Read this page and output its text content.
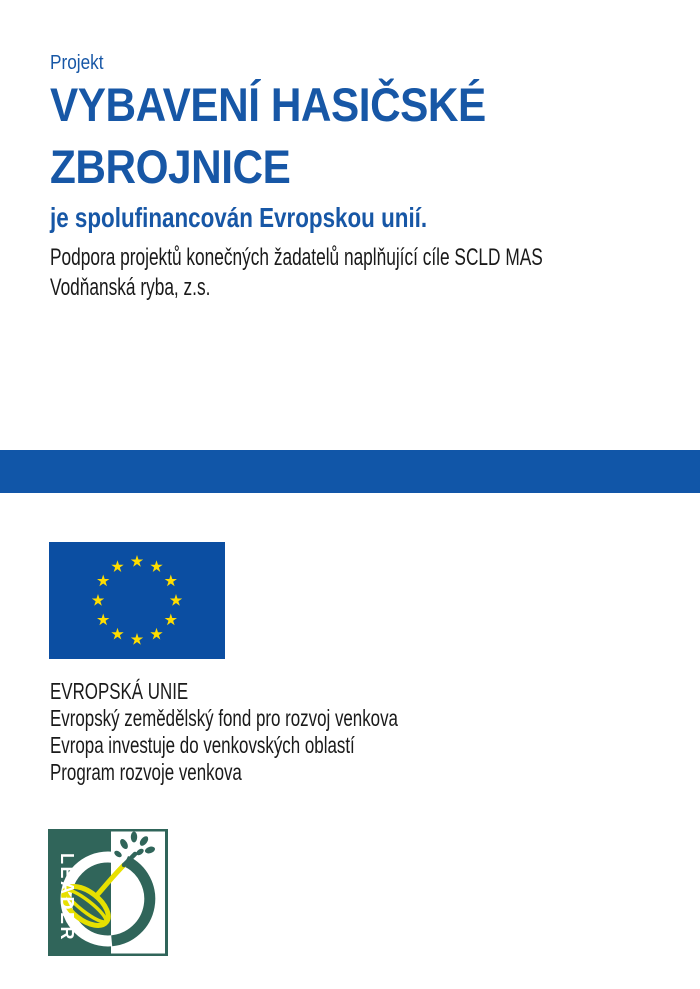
Projekt
VYBAVENÍ HASIČSKÉ
ZBROJNICE
je spolufinancován Evropskou unií.
Podpora projektů konečných žadatelů naplňující cíle SCLD MAS
Vodňanská ryba, z.s.
EVROPSKÁ UNIE
Evropský zemědělský fond pro rozvoj venkova
Evropa investuje do venkovských oblastí
Program rozvoje venkova
LEADER
